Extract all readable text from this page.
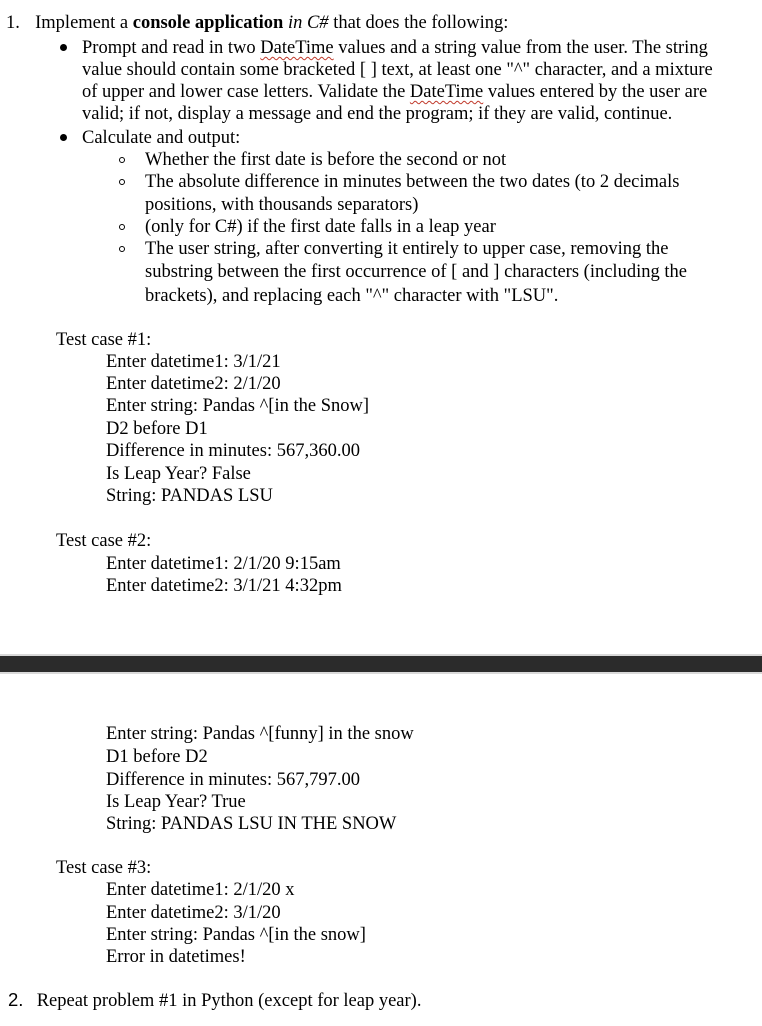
1. Implement a console application in C# that does the following:
Prompt and read in two DateTime values and a string value from the user. The string
value should contain some bracketed [ ] text, at least one "^" character, and a mixture
of upper and lower case letters. Validate the DateTime values entered by the user are
valid; if not, display a message and end the program; if they are valid, continue.
Calculate and output:
Whether the first date is before the second or not
The absolute difference in minutes between the two dates (to 2 decimals
positions, with thousands separators)
(only for C#) if the first date falls in a leap year
The user string, after converting it entirely to upper case, removing the
substring between the first occurrence of [ and ] characters (including the
brackets), and replacing each "^" character with "LSU".
Test case #1:
Enter datetime1: 3/1/21
Enter datetime2: 2/1/20
Enter string: Pandas ^[in the Snow]
D2 before D1
Difference in minutes: 567,360.00
Is Leap Year? False
String: PANDAS LSU
Test case #2:
Enter datetime1: 2/1/20 9:15am
Enter datetime2: 3/1/21 4:32pm
Enter string: Pandas ^[funny] in the snow
D1 before D2
Difference in minutes: 567,797.00
Is Leap Year? True
String: PANDAS LSU IN THE SNOW
Test case #3:
Enter datetime1: 2/1/20 x
Enter datetime2: 3/1/20
Enter string: Pandas ^[in the snow]
Error in datetimes!
2. Repeat problem #1 in Python (except for leap year).
